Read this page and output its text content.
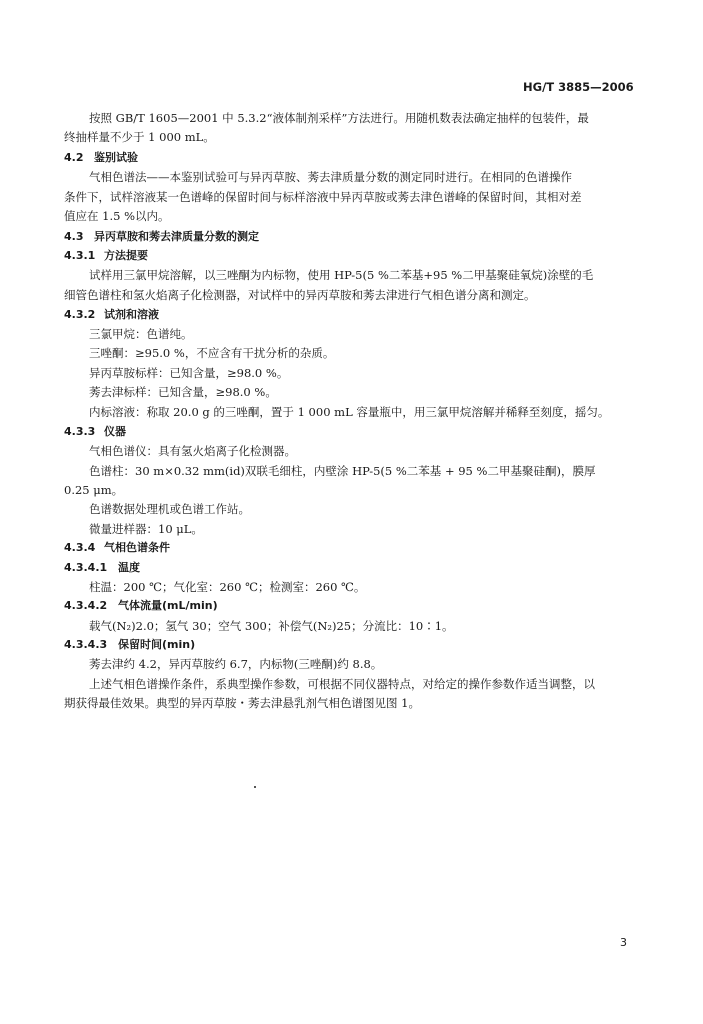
HG/T 3885—2006
按照 GB/T 1605—2001 中 5.3.2“液体制剂采样”方法进行。用随机数表法确定抽样的包装件，最
终抽样量不少于 1 000 mL。
4.2 鉴别试验
气相色谱法——本鉴别试验可与异丙草胺、莠去津质量分数的测定同时进行。在相同的色谱操作
条件下，试样溶液某一色谱峰的保留时间与标样溶液中异丙草胺或莠去津色谱峰的保留时间，其相对差
值应在 1.5 %以内。
4.3 异丙草胺和莠去津质量分数的测定
4.3.1 方法提要
试样用三氯甲烷溶解，以三唑酮为内标物，使用 HP-5(5 %二苯基+95 %二甲基聚硅氧烷)涂壁的毛
细管色谱柱和氢火焰离子化检测器，对试样中的异丙草胺和莠去津进行气相色谱分离和测定。
4.3.2 试剂和溶液
三氯甲烷：色谱纯。
三唑酮：≥95.0 %，不应含有干扰分析的杂质。
异丙草胺标样：已知含量，≥98.0 %。
莠去津标样：已知含量，≥98.0 %。
内标溶液：称取 20.0 g 的三唑酮，置于 1 000 mL 容量瓶中，用三氯甲烷溶解并稀释至刻度，摇匀。
4.3.3 仪器
气相色谱仪：具有氢火焰离子化检测器。
色谱柱：30 m×0.32 mm(id)双联毛细柱，内壁涂 HP-5(5 %二苯基 + 95 %二甲基聚硅酮)，膜厚
0.25 μm。
色谱数据处理机或色谱工作站。
微量进样器：10 μL。
4.3.4 气相色谱条件
4.3.4.1 温度
柱温：200 ℃；气化室：260 ℃；检测室：260 ℃。
4.3.4.2 气体流量(mL/min)
载气(N₂)2.0；氢气 30；空气 300；补偿气(N₂)25；分流比：10∶1。
4.3.4.3 保留时间(min)
莠去津约 4.2，异丙草胺约 6.7，内标物(三唑酮)约 8.8。
上述气相色谱操作条件，系典型操作参数，可根据不同仪器特点，对给定的操作参数作适当调整，以
期获得最佳效果。典型的异丙草胺・莠去津悬乳剂气相色谱图见图 1。
3
